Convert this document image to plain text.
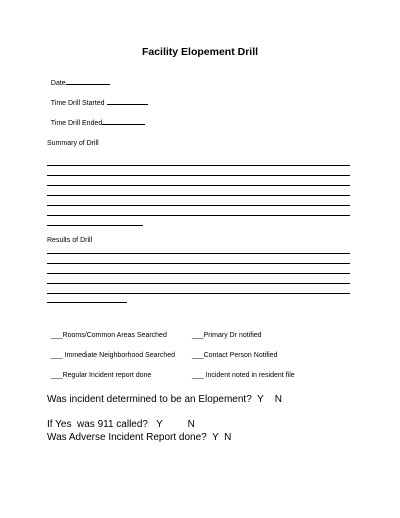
Facility Elopement Drill

Date

Time Drill Started

Time Drill Ended

Summary of Drill
Results of Drill

___Rooms/Common Areas Searched	___Primary Dr notified

___ Immediate Neighborhood Searched	___Contact Person Notified

___Regular Incident report done	___ Incident noted in resident file

Was incident determined to be an Elopement?  Y    N
If Yes  was 911 called?   Y         N
Was Adverse Incident Report done?  Y  N
